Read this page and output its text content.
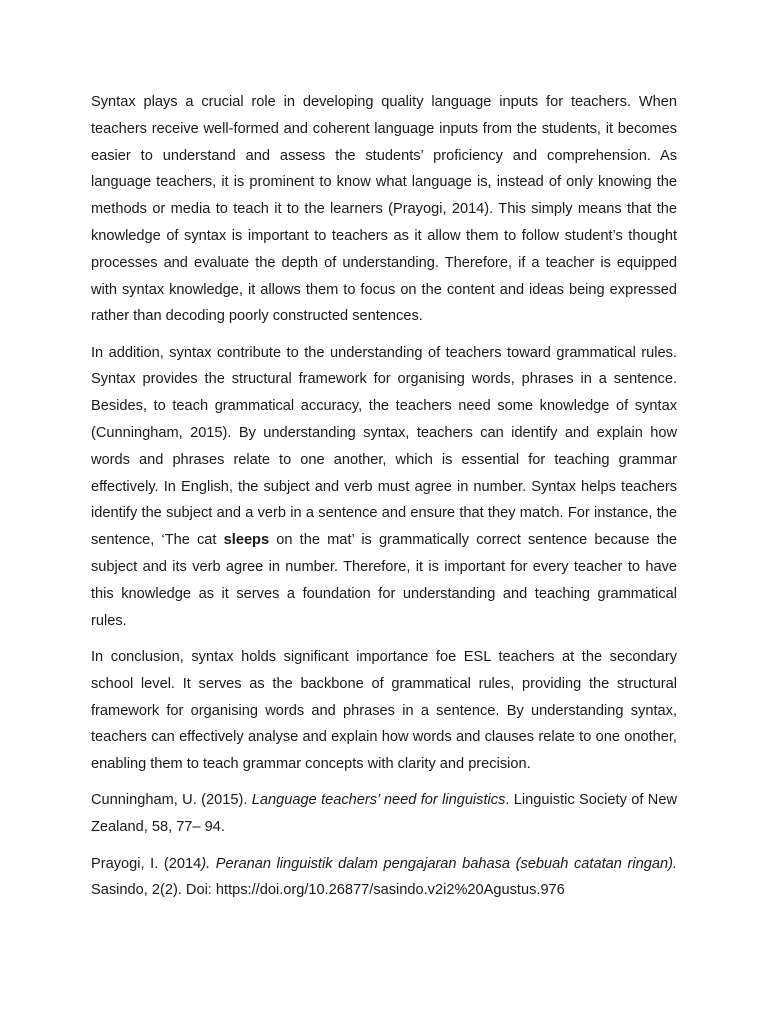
Syntax plays a crucial role in developing quality language inputs for teachers. When teachers receive well-formed and coherent language inputs from the students, it becomes easier to understand and assess the students’ proficiency and comprehension. As language teachers, it is prominent to know what language is, instead of only knowing the methods or media to teach it to the learners (Prayogi, 2014). This simply means that the knowledge of syntax is important to teachers as it allow them to follow student’s thought processes and evaluate the depth of understanding. Therefore, if a teacher is equipped with syntax knowledge, it allows them to focus on the content and ideas being expressed rather than decoding poorly constructed sentences.

In addition, syntax contribute to the understanding of teachers toward grammatical rules. Syntax provides the structural framework for organising words, phrases in a sentence. Besides, to teach grammatical accuracy, the teachers need some knowledge of syntax (Cunningham, 2015). By understanding syntax, teachers can identify and explain how words and phrases relate to one another, which is essential for teaching grammar effectively. In English, the subject and verb must agree in number. Syntax helps teachers identify the subject and a verb in a sentence and ensure that they match. For instance, the sentence, ‘The cat sleeps on the mat’ is grammatically correct sentence because the subject and its verb agree in number. Therefore, it is important for every teacher to have this knowledge as it serves a foundation for understanding and teaching grammatical rules.

In conclusion, syntax holds significant importance foe ESL teachers at the secondary school level. It serves as the backbone of grammatical rules, providing the structural framework for organising words and phrases in a sentence. By understanding syntax, teachers can effectively analyse and explain how words and clauses relate to one onother, enabling them to teach grammar concepts with clarity and precision.

Cunningham, U. (2015). Language teachers’ need for linguistics. Linguistic Society of New Zealand, 58, 77– 94.

Prayogi, I. (2014). Peranan linguistik dalam pengajaran bahasa (sebuah catatan ringan). Sasindo, 2(2). Doi: https://doi.org/10.26877/sasindo.v2i2%20Agustus.976
